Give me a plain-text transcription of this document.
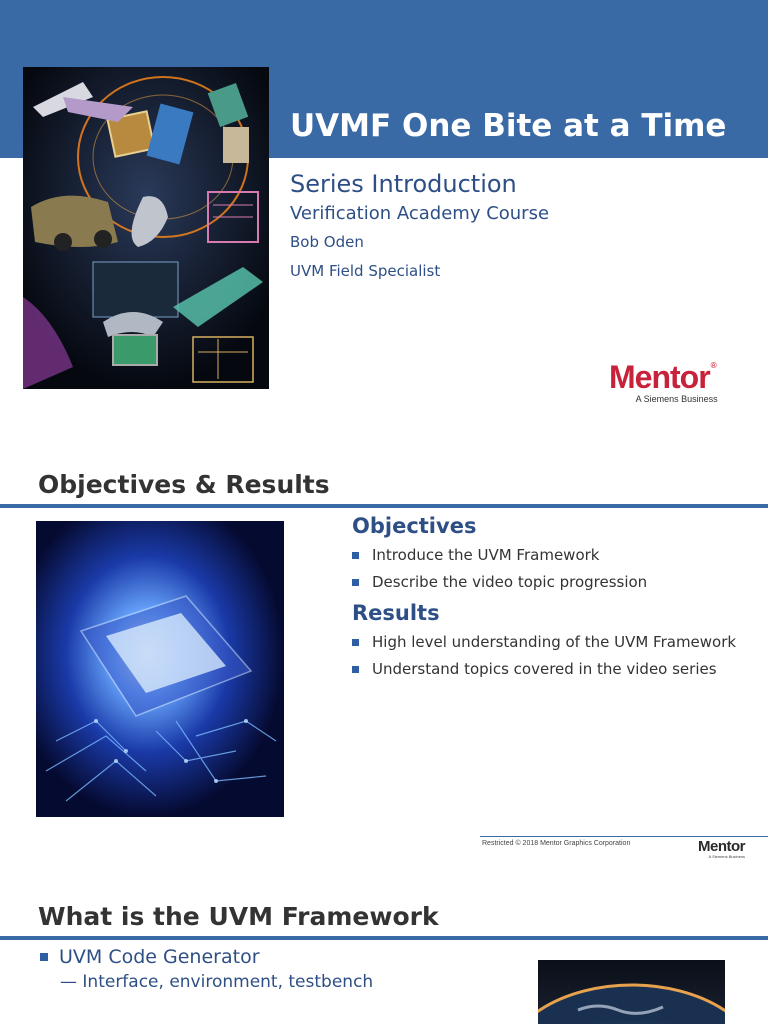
UVMF One Bite at a Time
Series Introduction
Verification Academy Course
Bob Oden
UVM Field Specialist
Mentor®
A Siemens Business
Objectives & Results
Objectives
Introduce the UVM Framework
Describe the video topic progression
Results
High level understanding of the UVM Framework
Understand topics covered in the video series
Restricted © 2018 Mentor Graphics Corporation	Mentor
A Siemens Business
What is the UVM Framework
UVM Code Generator
— Interface, environment, testbench
